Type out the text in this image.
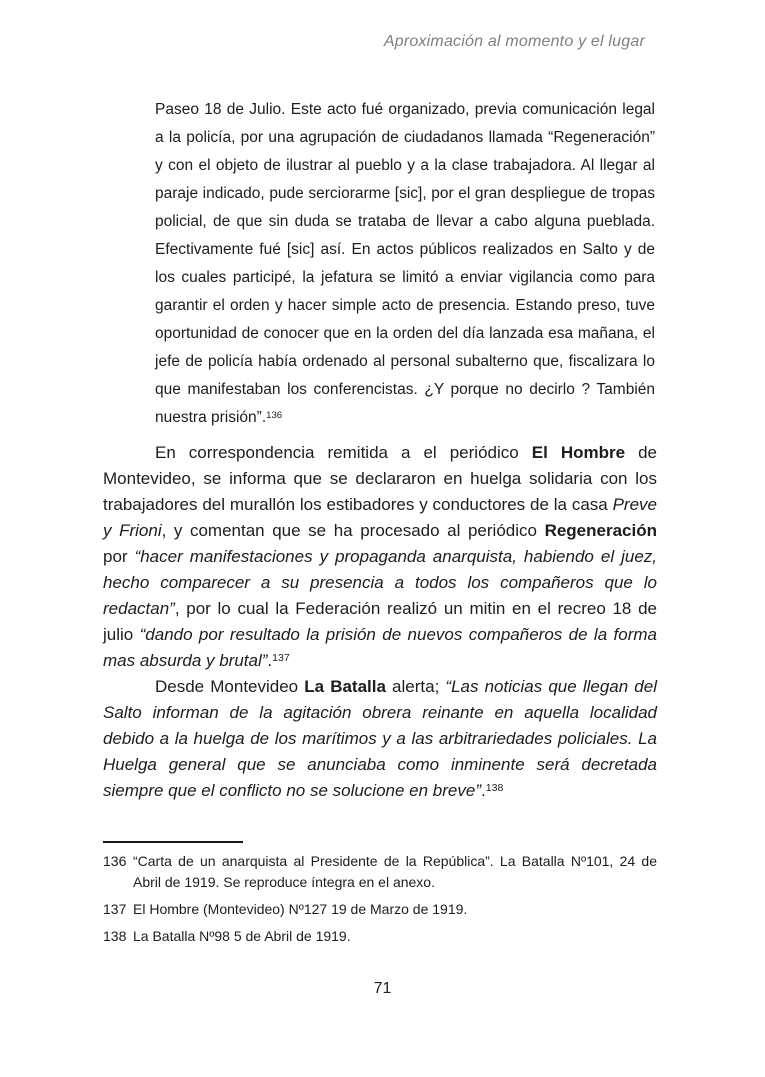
Aproximación al momento y el lugar
Paseo 18 de Julio. Este acto fué organizado, previa comunicación legal a la policía, por una agrupación de ciudadanos llamada “Regeneración” y con el objeto de ilustrar al pueblo y a la clase trabajadora. Al llegar al paraje indicado, pude serciorarme [sic], por el gran despliegue de tropas policial, de que sin duda se trataba de llevar a cabo alguna pueblada. Efectivamente fué [sic] así. En actos públicos realizados en Salto y de los cuales participé, la jefatura se limitó a enviar vigilancia como para garantir el orden y hacer simple acto de presencia. Estando preso, tuve oportunidad de conocer que en la orden del día lanzada esa mañana, el jefe de policía había ordenado al personal subalterno que, fiscalizara lo que manifestaban los conferencistas. ¿Y porque no decirlo ? También nuestra prisión”.$^{136}$
En correspondencia remitida a el periódico El Hombre de Montevideo, se informa que se declararon en huelga solidaria con los trabajadores del murallón los estibadores y conductores de la casa Preve y Frioni, y comentan que se ha procesado al periódico Regeneración por “hacer manifestaciones y propaganda anarquista, habiendo el juez, hecho comparecer a su presencia a todos los compañeros que lo redactan”, por lo cual la Federación realizó un mitin en el recreo 18 de julio “dando por resultado la prisión de nuevos compañeros de la forma mas absurda y brutal”.$^{137}$
Desde Montevideo La Batalla alerta; “Las noticias que llegan del Salto informan de la agitación obrera reinante en aquella localidad debido a la huelga de los marítimos y a las arbitrariedades policiales. La Huelga general que se anunciaba como inminente será decretada siempre que el conflicto no se solucione en breve”.$^{138}$
136 “Carta de un anarquista al Presidente de la República”. La Batalla Nº101, 24 de Abril de 1919. Se reproduce íntegra en el anexo.
137 El Hombre (Montevideo) Nº127 19 de Marzo de 1919.
138 La Batalla Nº98 5 de Abril de 1919.
71
